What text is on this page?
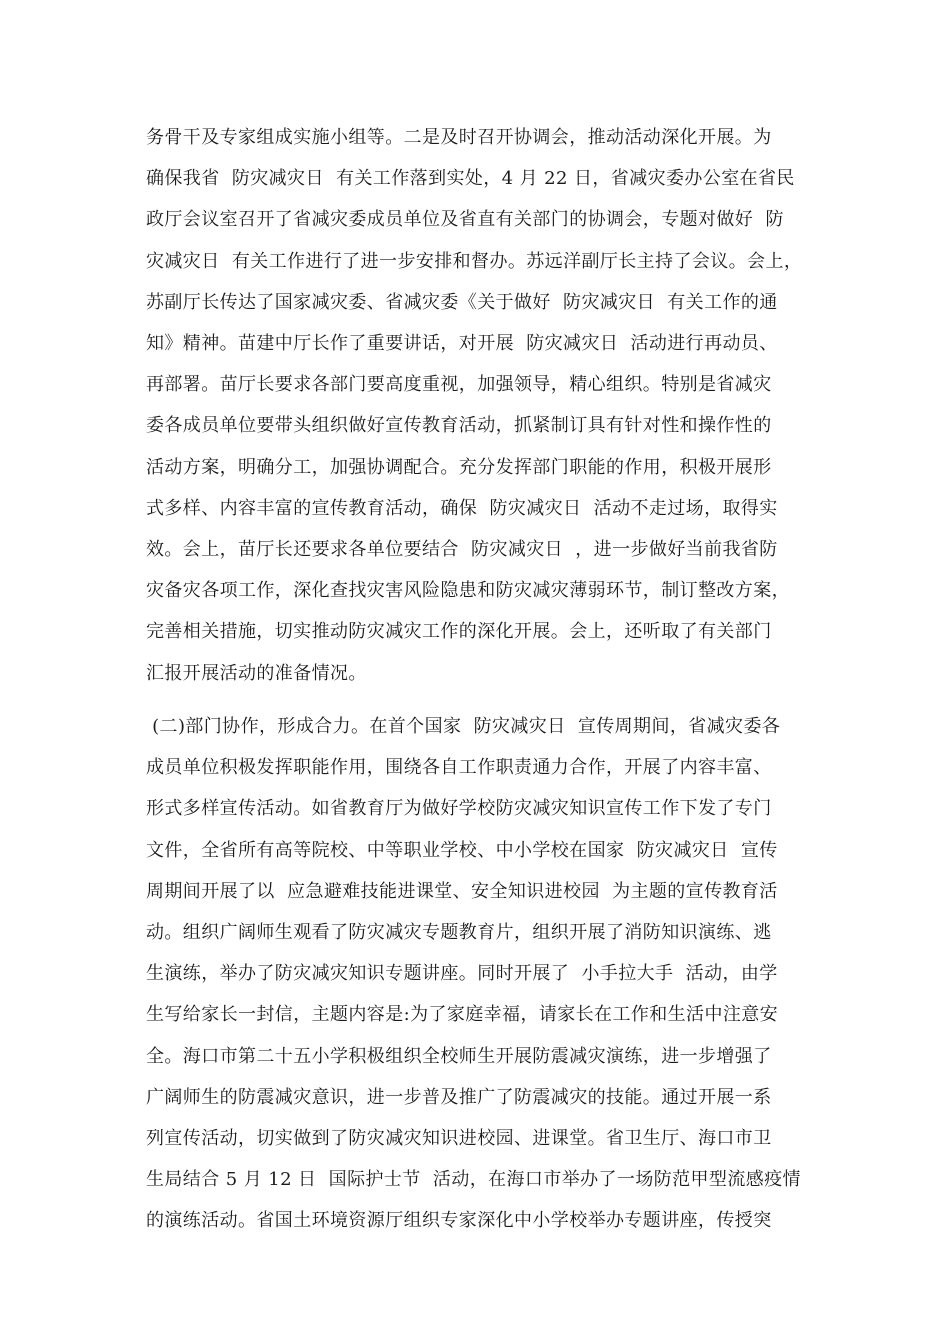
务骨干及专家组成实施小组等。二是及时召开协调会，推动活动深化开展。为
确保我省  防灾减灾日  有关工作落到实处，4 月 22 日，省减灾委办公室在省民
政厅会议室召开了省减灾委成员单位及省直有关部门的协调会，专题对做好  防
灾减灾日  有关工作进行了进一步安排和督办。苏远洋副厅长主持了会议。会上，
苏副厅长传达了国家减灾委、省减灾委《关于做好  防灾减灾日  有关工作的通
知》精神。苗建中厅长作了重要讲话，对开展  防灾减灾日  活动进行再动员、
再部署。苗厅长要求各部门要高度重视，加强领导，精心组织。特别是省减灾
委各成员单位要带头组织做好宣传教育活动，抓紧制订具有针对性和操作性的
活动方案，明确分工，加强协调配合。充分发挥部门职能的作用，积极开展形
式多样、内容丰富的宣传教育活动，确保  防灾减灾日  活动不走过场，取得实
效。会上，苗厅长还要求各单位要结合  防灾减灾日  ，进一步做好当前我省防
灾备灾各项工作，深化查找灾害风险隐患和防灾减灾薄弱环节，制订整改方案，
完善相关措施，切实推动防灾减灾工作的深化开展。会上，还听取了有关部门
汇报开展活动的准备情况。
(二)部门协作，形成合力。在首个国家  防灾减灾日  宣传周期间，省减灾委各
成员单位积极发挥职能作用，围绕各自工作职责通力合作，开展了内容丰富、
形式多样宣传活动。如省教育厅为做好学校防灾减灾知识宣传工作下发了专门
文件，全省所有高等院校、中等职业学校、中小学校在国家  防灾减灾日  宣传
周期间开展了以  应急避难技能进课堂、安全知识进校园  为主题的宣传教育活
动。组织广阔师生观看了防灾减灾专题教育片，组织开展了消防知识演练、逃
生演练，举办了防灾减灾知识专题讲座。同时开展了  小手拉大手  活动，由学
生写给家长一封信，主题内容是:为了家庭幸福，请家长在工作和生活中注意安
全。海口市第二十五小学积极组织全校师生开展防震减灾演练，进一步增强了
广阔师生的防震减灾意识，进一步普及推广了防震减灾的技能。通过开展一系
列宣传活动，切实做到了防灾减灾知识进校园、进课堂。省卫生厅、海口市卫
生局结合 5 月 12 日  国际护士节  活动，在海口市举办了一场防范甲型流感疫情
的演练活动。省国土环境资源厅组织专家深化中小学校举办专题讲座，传授突
